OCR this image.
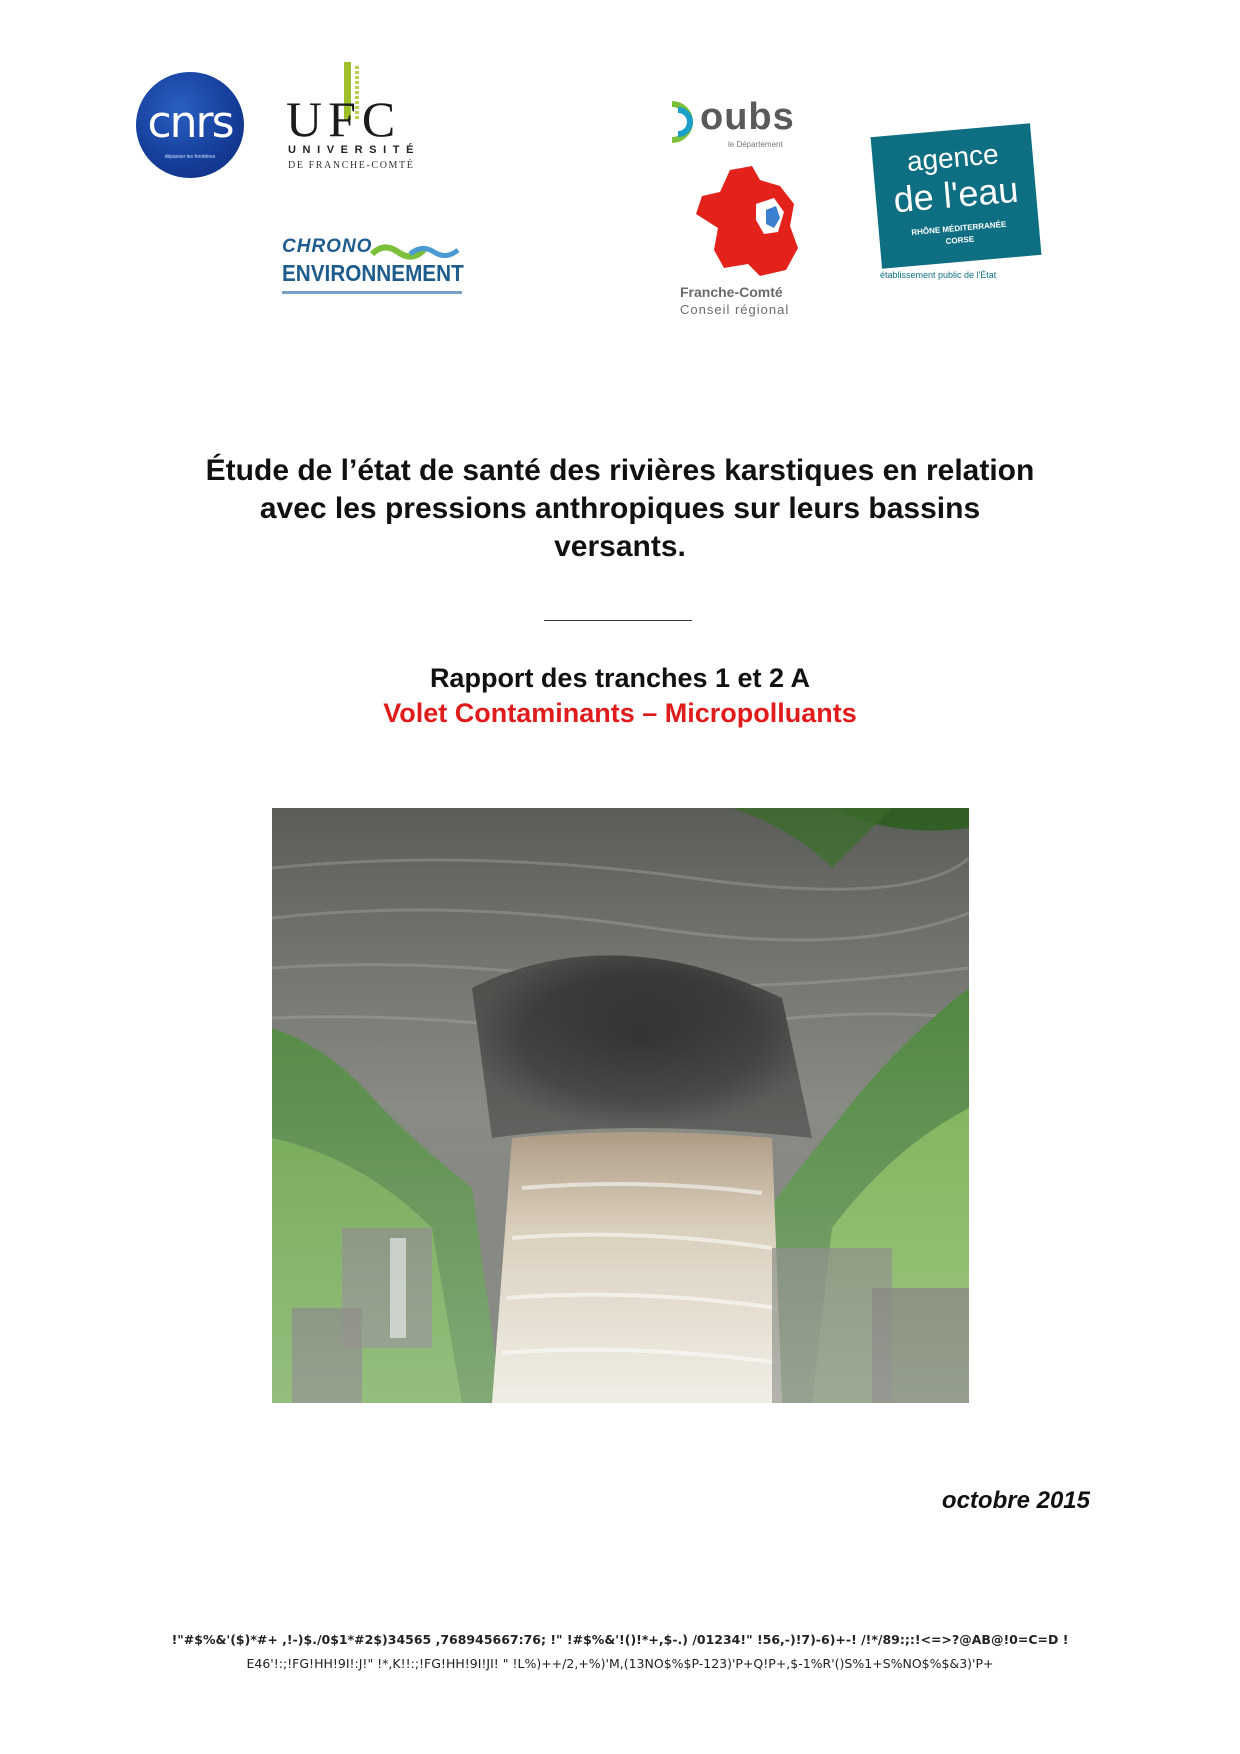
cnrs
dépasser les frontières
UFC
UNIVERSITÉ
DE FRANCHE-COMTÉ
CHRONO
ENVIRONNEMENT
oubs
le Département
Franche-Comté
Conseil régional
agence
de l'eau
RHÔNE MÉDITERRANÉE
CORSE
établissement public de l'État
Étude de l’état de santé des rivières karstiques en relation
avec les pressions anthropiques sur leurs bassins
versants.
Rapport des tranches 1 et 2 A
Volet Contaminants – Micropolluants
octobre 2015
!"#$%&'($)*#+ ,!-)$./0$1*#2$)34565 ,768945667:76; !" !#$%&'!()!*+,$-.) /01234!" !56,-)!7)-6)+-! /!*/89:;:!<=>?@AB@!0=C=D !
E46'!:;!FG!HH!9I!:J!" !*,K!!:;!FG!HH!9I!JI! " !L%)++/2,+%)'M,(13NO$%$P-123)'P+Q!P+,$-1%R'()S%1+S%NO$%$&3)'P+
